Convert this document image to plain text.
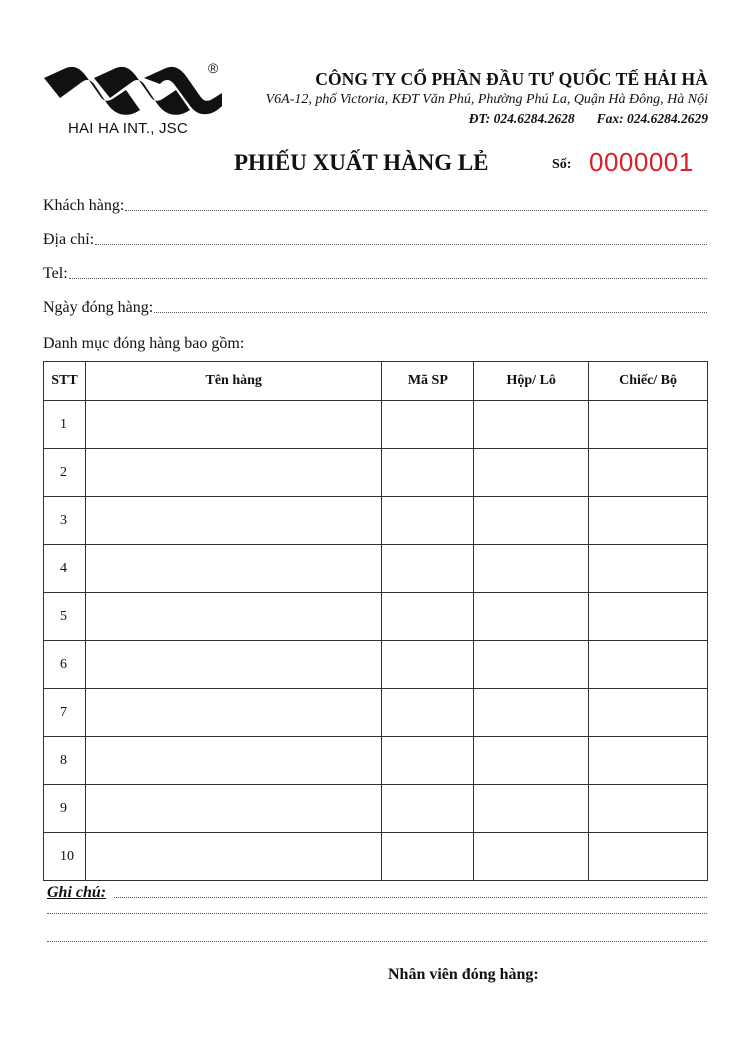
®
HAI HA INT., JSC
CÔNG TY CỔ PHẦN ĐẦU TƯ QUỐC TẾ HẢI HÀ
V6A-12, phố Victoria, KĐT Văn Phú, Phường Phú La, Quận Hà Đông, Hà Nội
ĐT: 024.6284.2628 Fax: 024.6284.2629
PHIẾU XUẤT HÀNG LẺ	Số: 0000001
Khách hàng:
Địa chỉ:
Tel:
Ngày đóng hàng:
Danh mục đóng hàng bao gồm:
STT	Tên hàng	Mã SP	Hộp/ Lô	Chiếc/ Bộ
1				
2				
3				
4				
5				
6				
7				
8				
9				
10				
Ghi chú:
Nhân viên đóng hàng:
